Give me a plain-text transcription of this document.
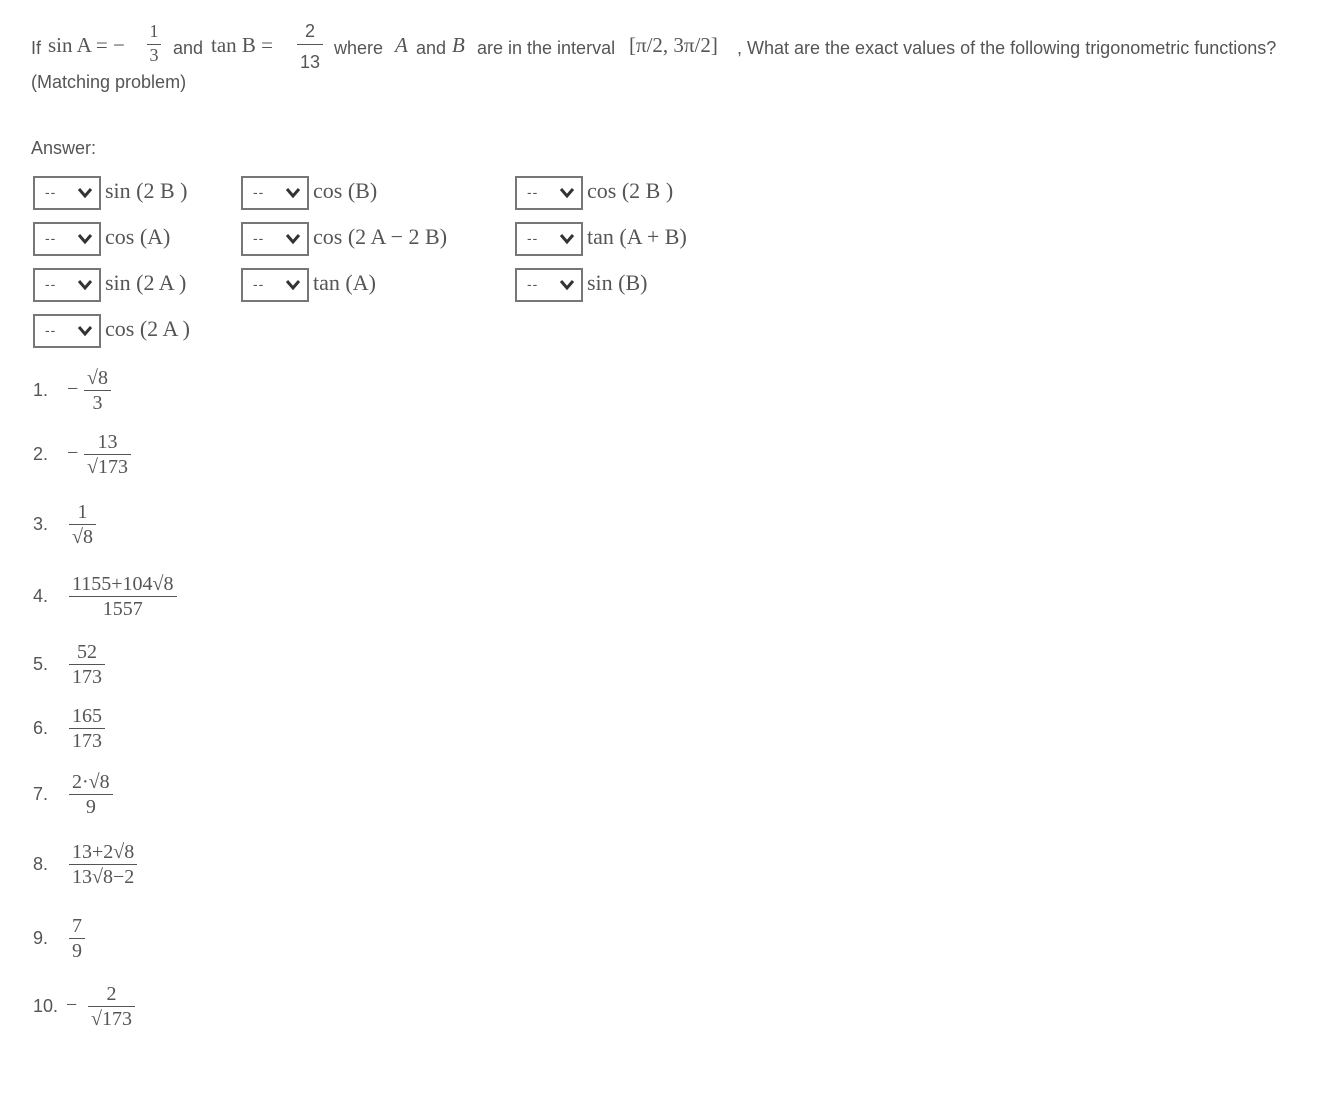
If sin A = −
1
3 and tan B =
2
13
where A and B are in the interval [π/2, 3π/2] , What are the exact values of the following trigonometric functions?
(Matching problem)
Answer:
-- sin (2 B )
-- cos (A)
-- sin (2 A )
-- cos (2 A )
-- cos (B)
-- cos (2 A − 2 B)
-- tan (A)
-- cos (2 B )
-- tan (A + B)
-- sin (B)
1. − $\frac{√8}{3}$
2. − $\frac{13}{√173}$
3. $\frac{1}{√8}$
4. $\frac{1155+104√8}{1557}$
5. $\frac{52}{173}$
6. $\frac{165}{173}$
7. $\frac{2\cdot√8}{9}$
8. $\frac{13+2√8}{13√8-2}$
9. $\frac{7}{9}$
10. − $\frac{2}{√173}$
